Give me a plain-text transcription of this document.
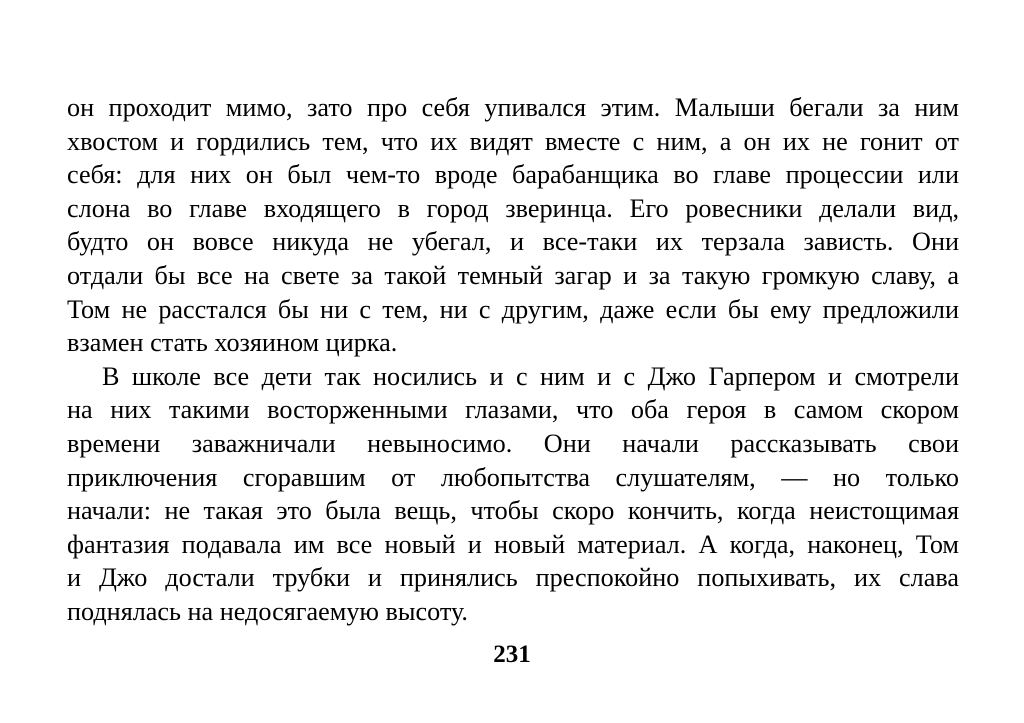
он проходит мимо, зато про себя упивался этим. Малыши бегали за ним
хвостом и гордились тем, что их видят вместе с ним, а он их не гонит от
себя: для них он был чем-то вроде барабанщика во главе процессии или
слона во главе входящего в город зверинца. Его ровесники делали вид,
будто он вовсе никуда не убегал, и все-таки их терзала зависть. Они
отдали бы все на свете за такой темный загар и за такую громкую славу, а
Том не расстался бы ни с тем, ни с другим, даже если бы ему предложили
взамен стать хозяином цирка.
В школе все дети так носились и с ним и с Джо Гарпером и смотрели
на них такими восторженными глазами, что оба героя в самом скором
времени заважничали невыносимо. Они начали рассказывать свои
приключения сгоравшим от любопытства слушателям, — но только
начали: не такая это была вещь, чтобы скоро кончить, когда неистощимая
фантазия подавала им все новый и новый материал. А когда, наконец, Том
и Джо достали трубки и принялись преспокойно попыхивать, их слава
поднялась на недосягаемую высоту.
231
